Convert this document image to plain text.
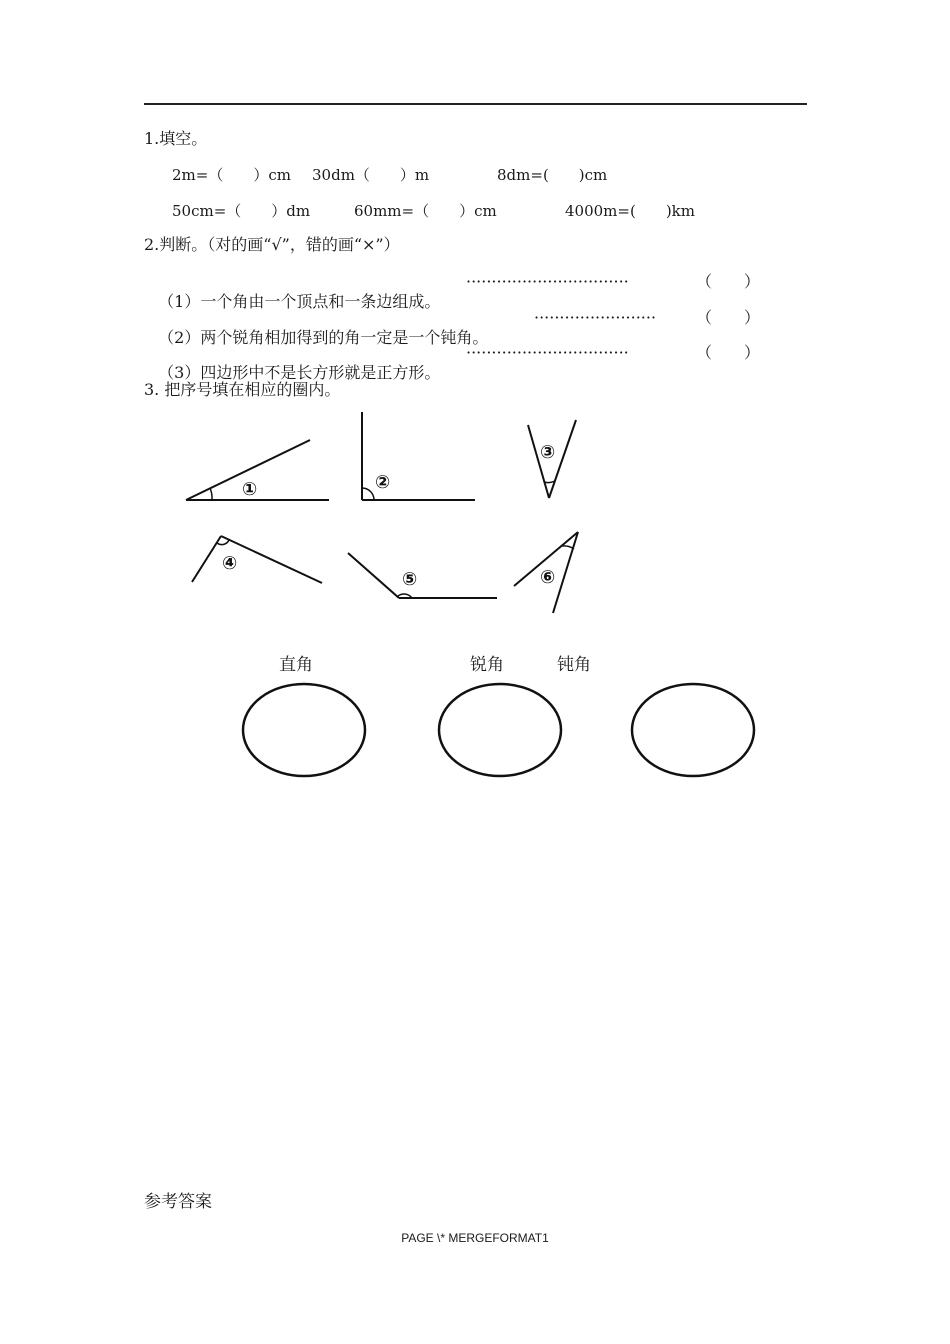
1.填空。
2m=（　　）cm 30dm（　　）m	8dm=(　　)cm
50cm=（　　）dm	60mm=（　　）cm	4000m=(　　)km
2.判断。（对的画“√”，错的画“×”）

（1）一个角由一个顶点和一条边组成。

································	（　　）

（2）两个锐角相加得到的角一定是一个钝角。

························	（　　）

（3）四边形中不是长方形就是正方形。

································	（　　）
3. 把序号填在相应的圈内。
①	②
③
④
⑤	⑥
直角	锐角	钝角
参考答案
PAGE \* MERGEFORMAT1
